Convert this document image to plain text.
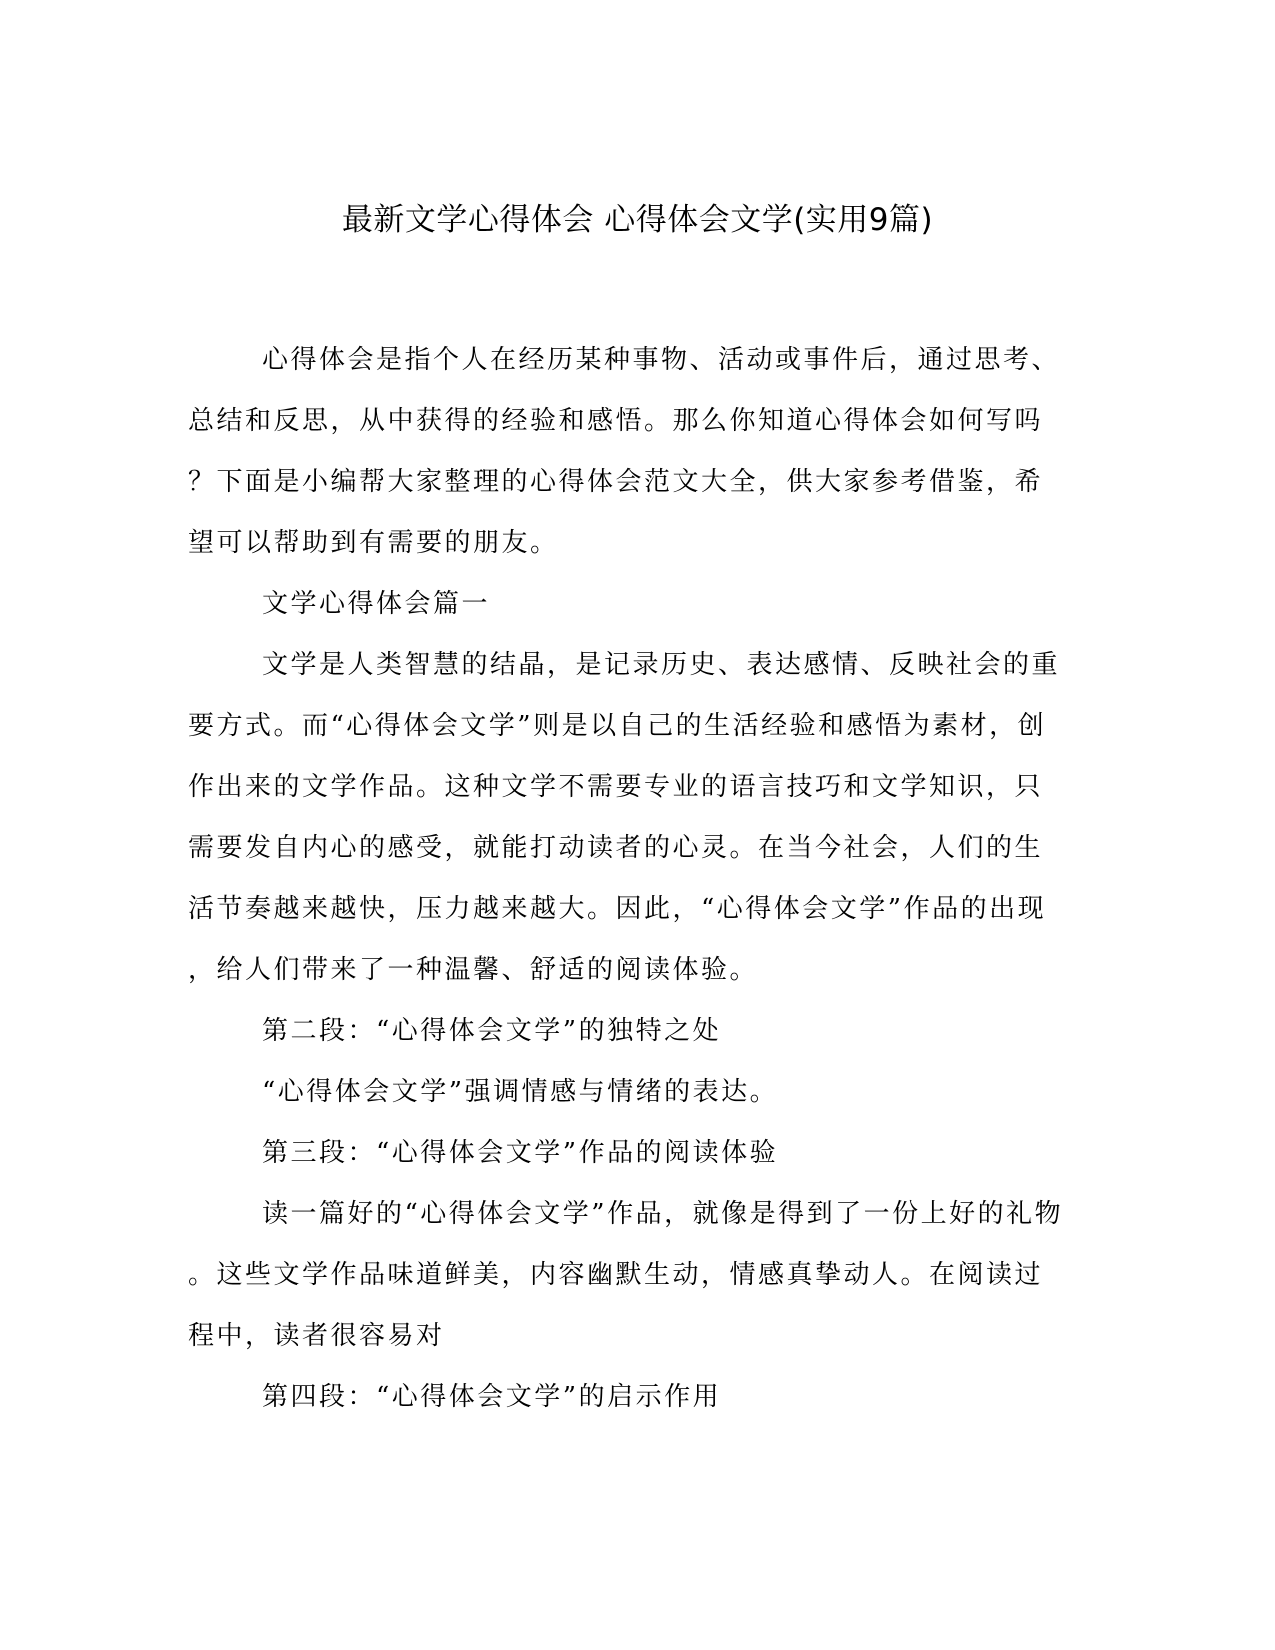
最新文学心得体会 心得体会文学(实用9篇)

心得体会是指个人在经历某种事物、活动或事件后，通过思考、
总结和反思，从中获得的经验和感悟。那么你知道心得体会如何写吗
？下面是小编帮大家整理的心得体会范文大全，供大家参考借鉴，希
望可以帮助到有需要的朋友。

文学心得体会篇一

文学是人类智慧的结晶，是记录历史、表达感情、反映社会的重
要方式。而“心得体会文学”则是以自己的生活经验和感悟为素材，创
作出来的文学作品。这种文学不需要专业的语言技巧和文学知识，只
需要发自内心的感受，就能打动读者的心灵。在当今社会，人们的生
活节奏越来越快，压力越来越大。因此，“心得体会文学”作品的出现
，给人们带来了一种温馨、舒适的阅读体验。

第二段：“心得体会文学”的独特之处

“心得体会文学”强调情感与情绪的表达。

第三段：“心得体会文学”作品的阅读体验

读一篇好的“心得体会文学”作品，就像是得到了一份上好的礼物
。这些文学作品味道鲜美，内容幽默生动，情感真挚动人。在阅读过
程中，读者很容易对

第四段：“心得体会文学”的启示作用
